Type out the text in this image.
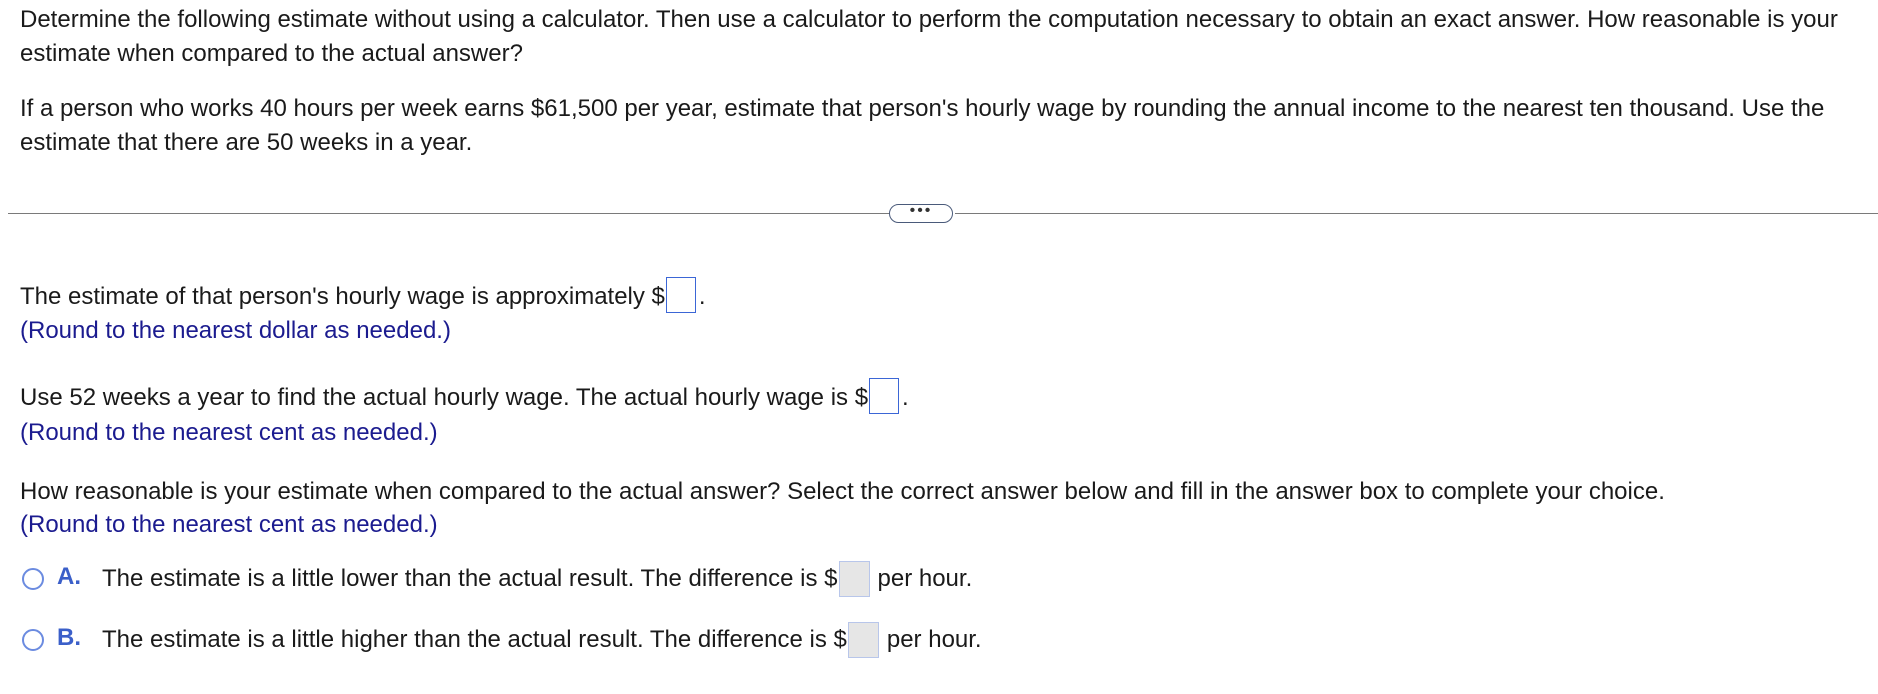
Determine the following estimate without using a calculator. Then use a calculator to perform the computation necessary to obtain an exact answer. How reasonable is your estimate when compared to the actual answer?
If a person who works 40 hours per week earns $61,500 per year, estimate that person's hourly wage by rounding the annual income to the nearest ten thousand. Use the estimate that there are 50 weeks in a year.
•••
The estimate of that person's hourly wage is approximately $ .
(Round to the nearest dollar as needed.)
Use 52 weeks a year to find the actual hourly wage. The actual hourly wage is $ .
(Round to the nearest cent as needed.)
How reasonable is your estimate when compared to the actual answer? Select the correct answer below and fill in the answer box to complete your choice.
(Round to the nearest cent as needed.)
A. The estimate is a little lower than the actual result. The difference is $ per hour.
B. The estimate is a little higher than the actual result. The difference is $ per hour.
